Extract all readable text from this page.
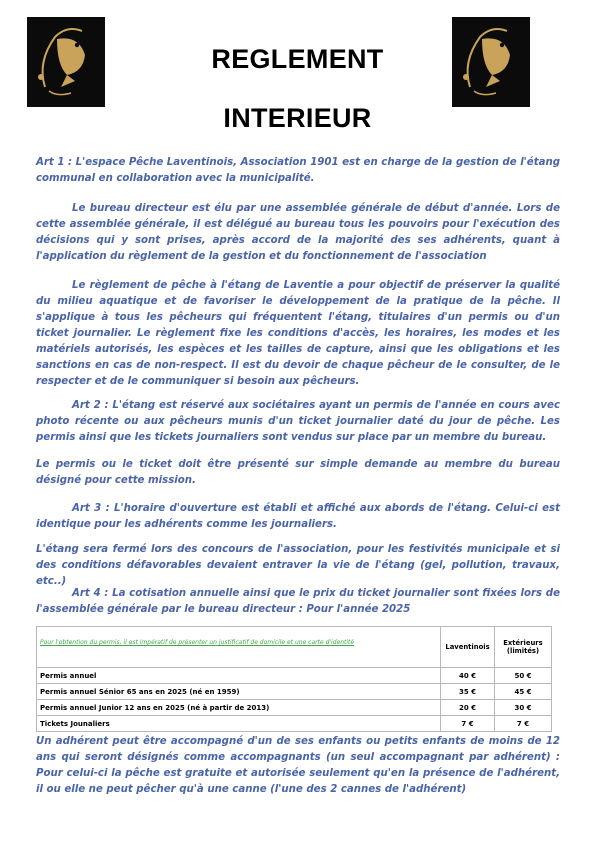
REGLEMENT
INTERIEUR
Art 1 : L'espace Pêche Laventinois, Association 1901 est en charge de la gestion de l'étang communal en collaboration avec la municipalité.
Le bureau directeur est élu par une assemblée générale de début d'année. Lors de cette assemblée générale, il est délégué au bureau tous les pouvoirs pour l'exécution des décisions qui y sont prises, après accord de la majorité des ses adhérents, quant à l'application du règlement de la gestion et du fonctionnement de l'association
Le règlement de pêche à l'étang de Laventie a pour objectif de préserver la qualité du milieu aquatique et de favoriser le développement de la pratique de la pêche. Il s'applique à tous les pêcheurs qui fréquentent l'étang, titulaires d'un permis ou d'un ticket journalier. Le règlement fixe les conditions d'accès, les horaires, les modes et les matériels autorisés, les espèces et les tailles de capture, ainsi que les obligations et les sanctions en cas de non-respect. Il est du devoir de chaque pêcheur de le consulter, de le respecter et de le communiquer si besoin aux pêcheurs.
Art 2 : L'étang est réservé aux sociétaires ayant un permis de l'année en cours avec photo récente ou aux pêcheurs munis d'un ticket journalier daté du jour de pêche. Les permis ainsi que les tickets journaliers sont vendus sur place par un membre du bureau.
Le permis ou le ticket doit être présenté sur simple demande au membre du bureau désigné pour cette mission.
Art 3 : L'horaire d'ouverture est établi et affiché aux abords de l'étang. Celui-ci est identique pour les adhérents comme les journaliers.
L'étang sera fermé lors des concours de l'association, pour les festivités municipale et si des conditions défavorables devaient entraver la vie de l'étang (gel, pollution, travaux, etc..)
Art 4 : La cotisation annuelle ainsi que le prix du ticket journalier sont fixées lors de l'assemblée générale par le bureau directeur : Pour l'année 2025
Pour l'obtention du permis, il est impératif de présenter un justificatif de domicile et une carte d'identité	Laventinois	Extérieurs (limités)
Permis annuel	40 €	50 €
Permis annuel Sénior 65 ans en 2025 (né en 1959)	35 €	45 €
Permis annuel Junior 12 ans en 2025 (né à partir de 2013)	20 €	30 €
Tickets Jounaliers	7 €	7 €
Un adhérent peut être accompagné d'un de ses enfants ou petits enfants de moins de 12 ans qui seront désignés comme accompagnants (un seul accompagnant par adhérent) : Pour celui-ci la pêche est gratuite et autorisée seulement qu'en la présence de l'adhérent, il ou elle ne peut pêcher qu'à une canne (l'une des 2 cannes de l'adhérent)
